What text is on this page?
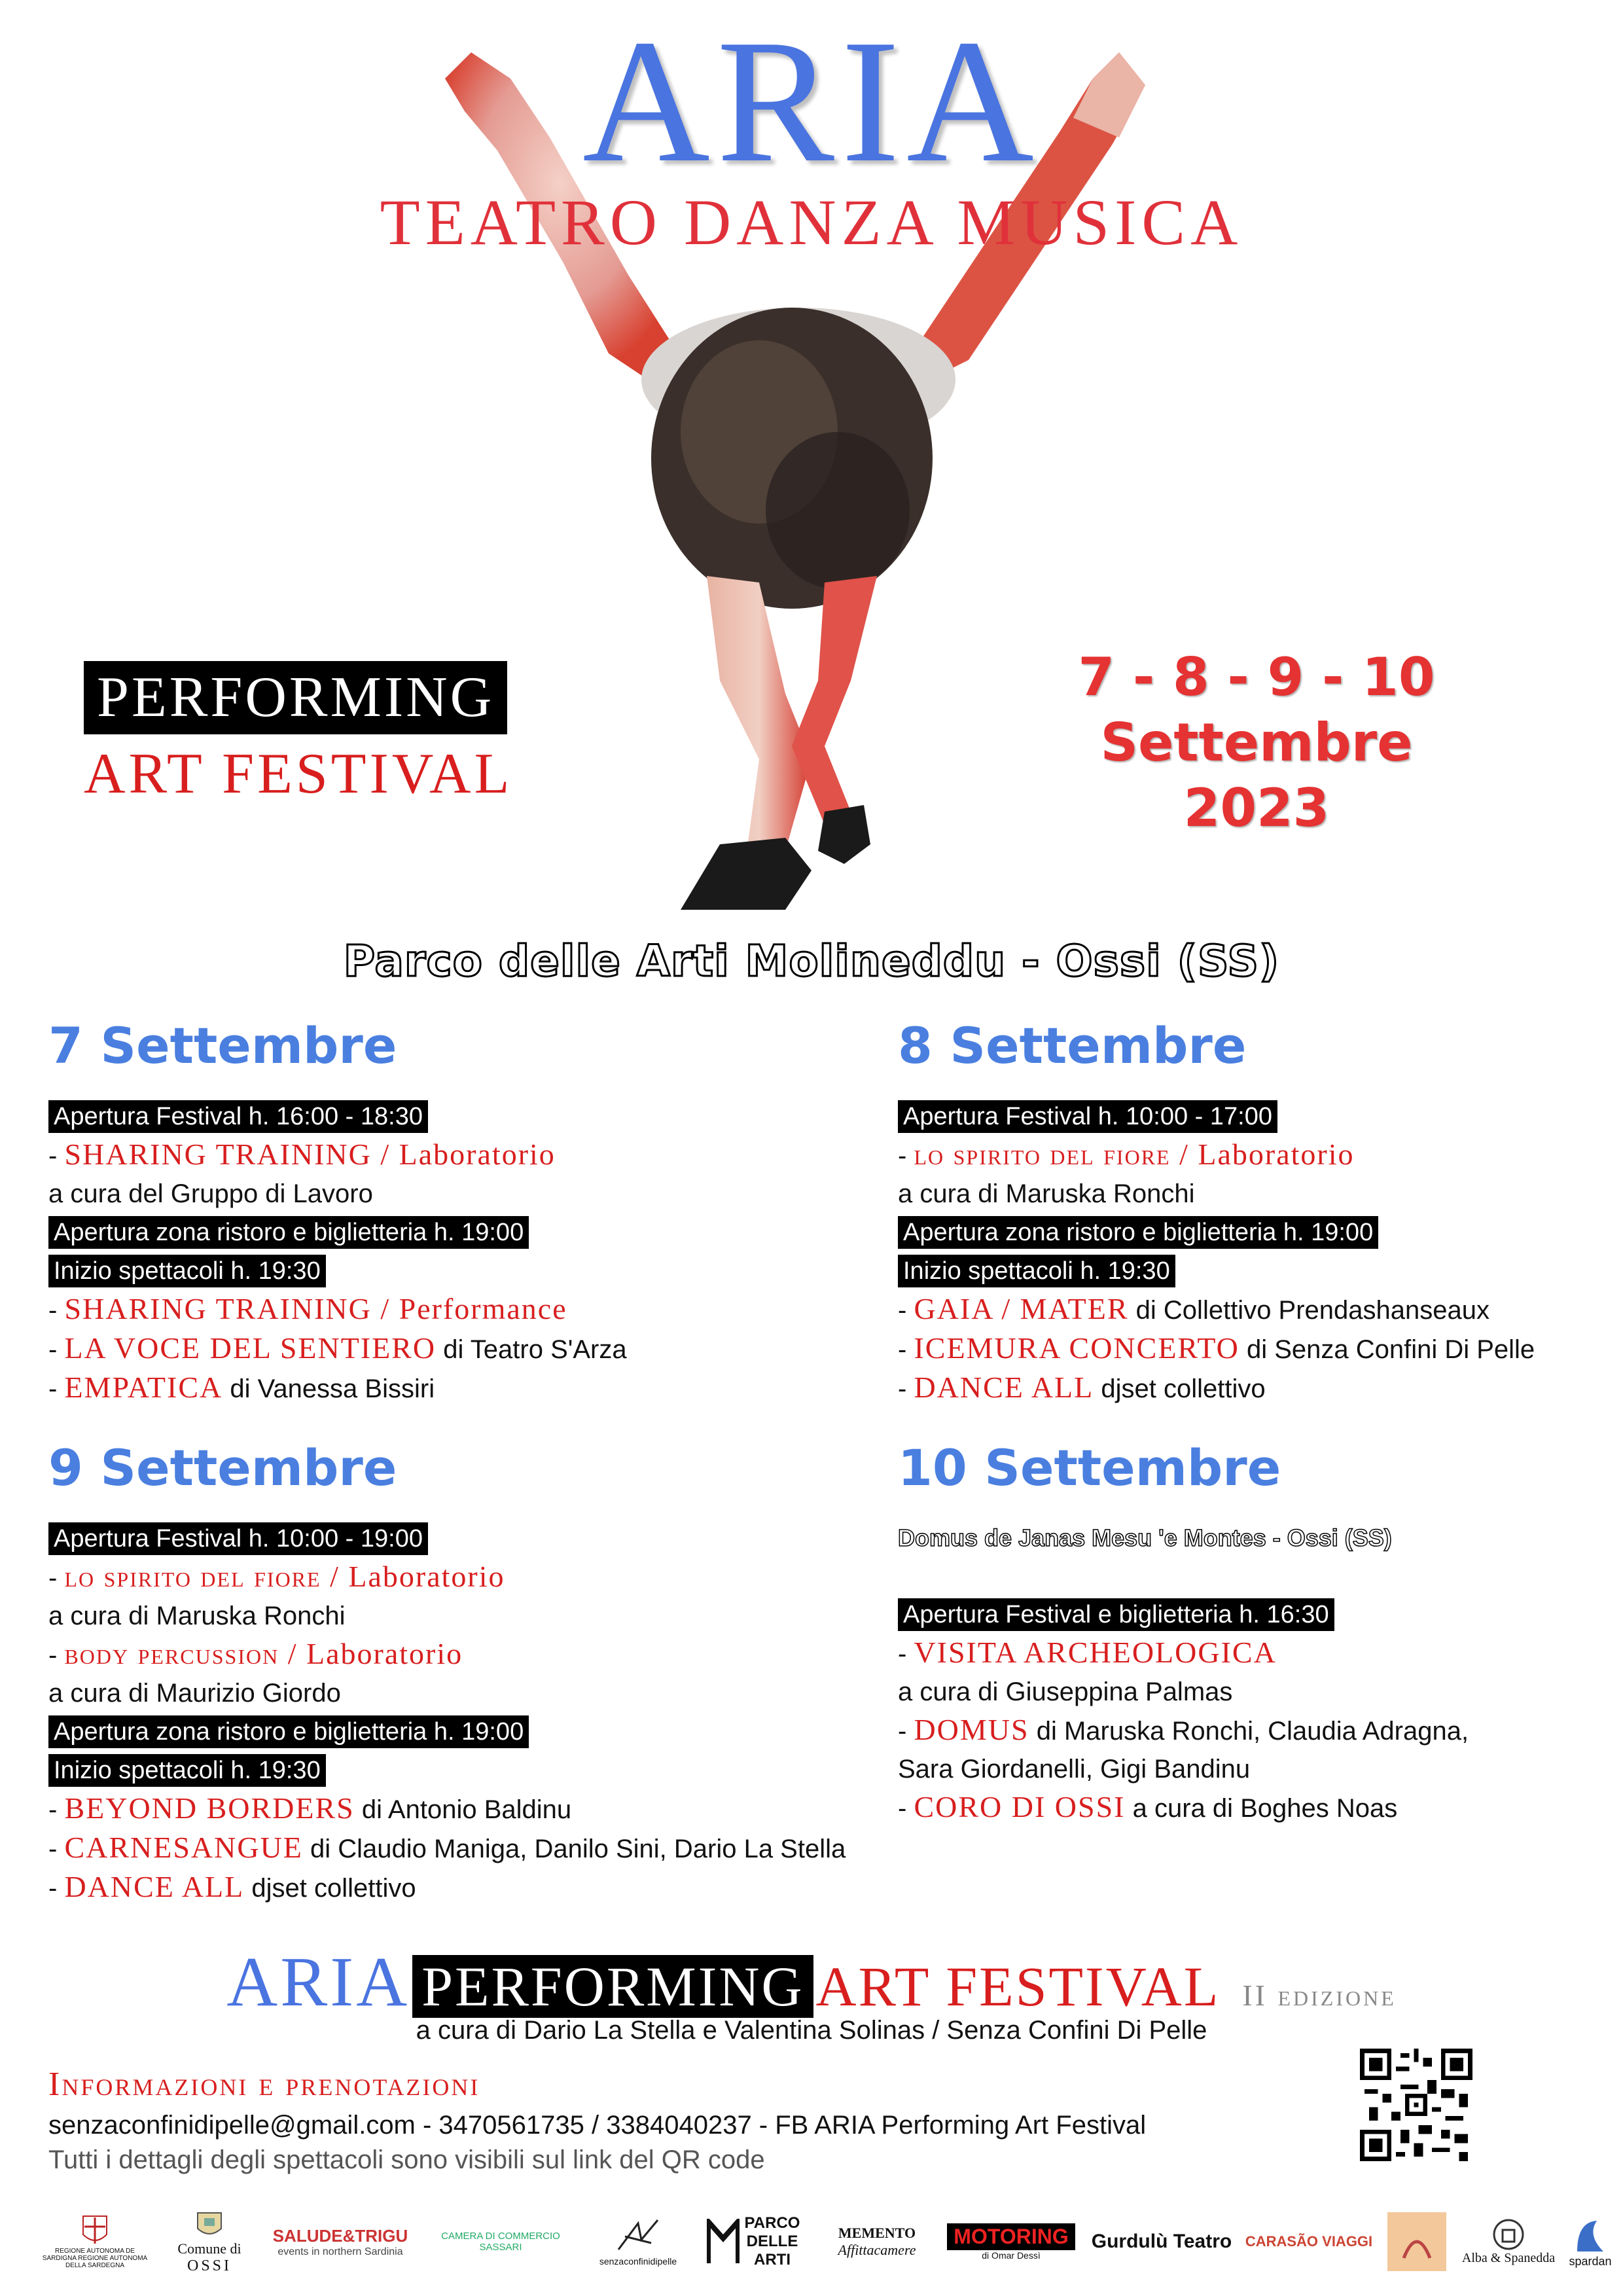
ARIA
TEATRO DANZA MUSICA
PERFORMING
ART FESTIVAL
7 - 8 - 9 - 10
Settembre
2023
Parco delle Arti Molineddu - Ossi (SS)
7 Settembre
Apertura Festival h. 16:00 - 18:30
- SHARING TRAINING / Laboratorio
a cura del Gruppo di Lavoro
Apertura zona ristoro e biglietteria h. 19:00
Inizio spettacoli h. 19:30
- SHARING TRAINING / Performance
- LA VOCE DEL SENTIERO di Teatro S'Arza
- EMPATICA di Vanessa Bissiri
8 Settembre
Apertura Festival h. 10:00 - 17:00
- lo spirito del fiore / Laboratorio
a cura di Maruska Ronchi
Apertura zona ristoro e biglietteria h. 19:00
Inizio spettacoli h. 19:30
- GAIA / MATER di Collettivo Prendashanseaux
- ICEMURA CONCERTO di Senza Confini Di Pelle
- DANCE ALL djset collettivo
9 Settembre
Apertura Festival h. 10:00 - 19:00
- lo spirito del fiore / Laboratorio
a cura di Maruska Ronchi
- body percussion / Laboratorio
a cura di Maurizio Giordo
Apertura zona ristoro e biglietteria h. 19:00
Inizio spettacoli h. 19:30
- BEYOND BORDERS di Antonio Baldinu
- CARNESANGUE di Claudio Maniga, Danilo Sini, Dario La Stella
- DANCE ALL djset collettivo
10 Settembre
Domus de Janas Mesu 'e Montes - Ossi (SS)
Apertura Festival e biglietteria h. 16:30
- VISITA ARCHEOLOGICA
a cura di Giuseppina Palmas
- DOMUS di Maruska Ronchi, Claudia Adragna,
Sara Giordanelli, Gigi Bandinu
- CORO DI OSSI a cura di Boghes Noas
ARIA PERFORMING ART FESTIVAL II edizione
a cura di Dario La Stella e Valentina Solinas / Senza Confini Di Pelle
Informazioni e prenotazioni
senzaconfinidipelle@gmail.com - 3470561735 / 3384040237 - FB ARIA Performing Art Festival
Tutti i dettagli degli spettacoli sono visibili sul link del QR code
REGIONE AUTONOMA DE SARDIGNA REGIONE AUTONOMA DELLA SARDEGNA
Comune di
OSSI
SALUDE&TRIGU
events in northern Sardinia
CAMERA DI COMMERCIO
SASSARI
senzaconfinidipelle
PARCO DELLE ARTI
MEMENTO
Affittacamere
MOTORING
di Omar Dessì
Gurdulù Teatro CARASÃO VIAGGI
Alba & Spanedda spardan
